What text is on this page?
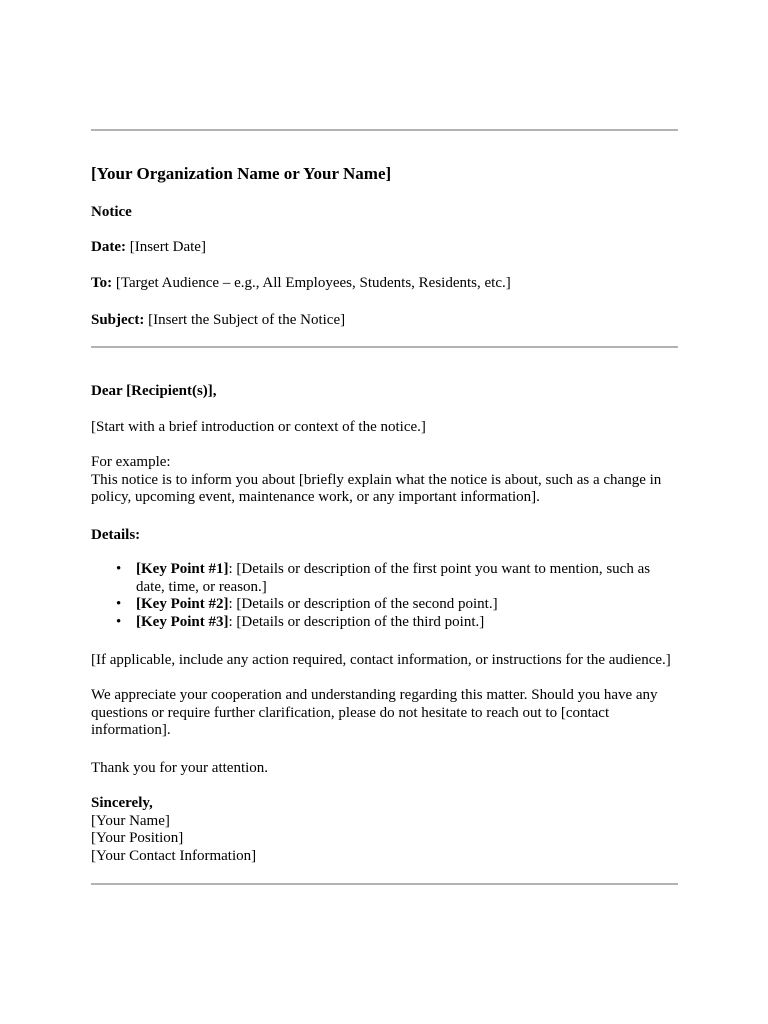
[Your Organization Name or Your Name]
Notice
Date: [Insert Date]
To: [Target Audience – e.g., All Employees, Students, Residents, etc.]
Subject: [Insert the Subject of the Notice]
Dear [Recipient(s)],
[Start with a brief introduction or context of the notice.]
For example:
This notice is to inform you about [briefly explain what the notice is about, such as a change in policy, upcoming event, maintenance work, or any important information].
Details:
• [Key Point #1]: [Details or description of the first point you want to mention, such as date, time, or reason.]
• [Key Point #2]: [Details or description of the second point.]
• [Key Point #3]: [Details or description of the third point.]
[If applicable, include any action required, contact information, or instructions for the audience.]
We appreciate your cooperation and understanding regarding this matter. Should you have any questions or require further clarification, please do not hesitate to reach out to [contact information].
Thank you for your attention.
Sincerely,
[Your Name]
[Your Position]
[Your Contact Information]
